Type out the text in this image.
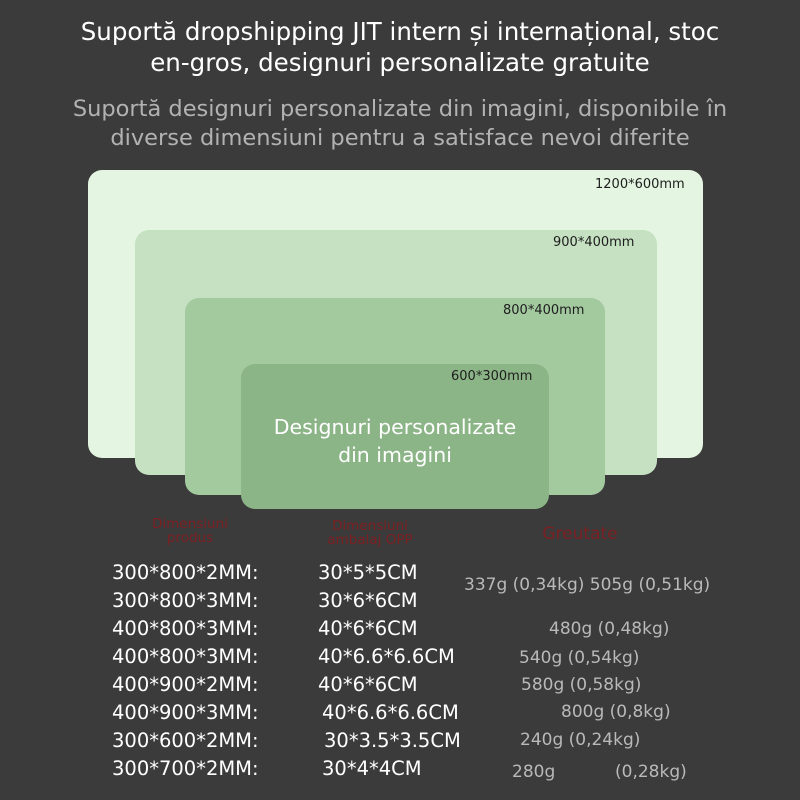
Suportă dropshipping JIT intern și internațional, stoc
en-gros, designuri personalizate gratuite
Suportă designuri personalizate din imagini, disponibile în
diverse dimensiuni pentru a satisface nevoi diferite
1200*600mm
900*400mm
800*400mm
600*300mm
Designuri personalizate
din imagini
Dimensiuni
produs
Dimensiuni
ambalaj OPP	Greutate
300*800*2MM:
300*800*3MM:
400*800*3MM:
400*800*3MM:
400*900*2MM:
400*900*3MM:
300*600*2MM:
300*700*2MM:
30*5*5CM
30*6*6CM
40*6*6CM
40*6.6*6.6CM
40*6*6CM
40*6.6*6.6CM
30*3.5*3.5CM
30*4*4CM
337g (0,34kg) 505g (0,51kg)
480g (0,48kg)
540g (0,54kg)
580g (0,58kg)
800g (0,8kg)
240g (0,24kg)
280g	(0,28kg)
